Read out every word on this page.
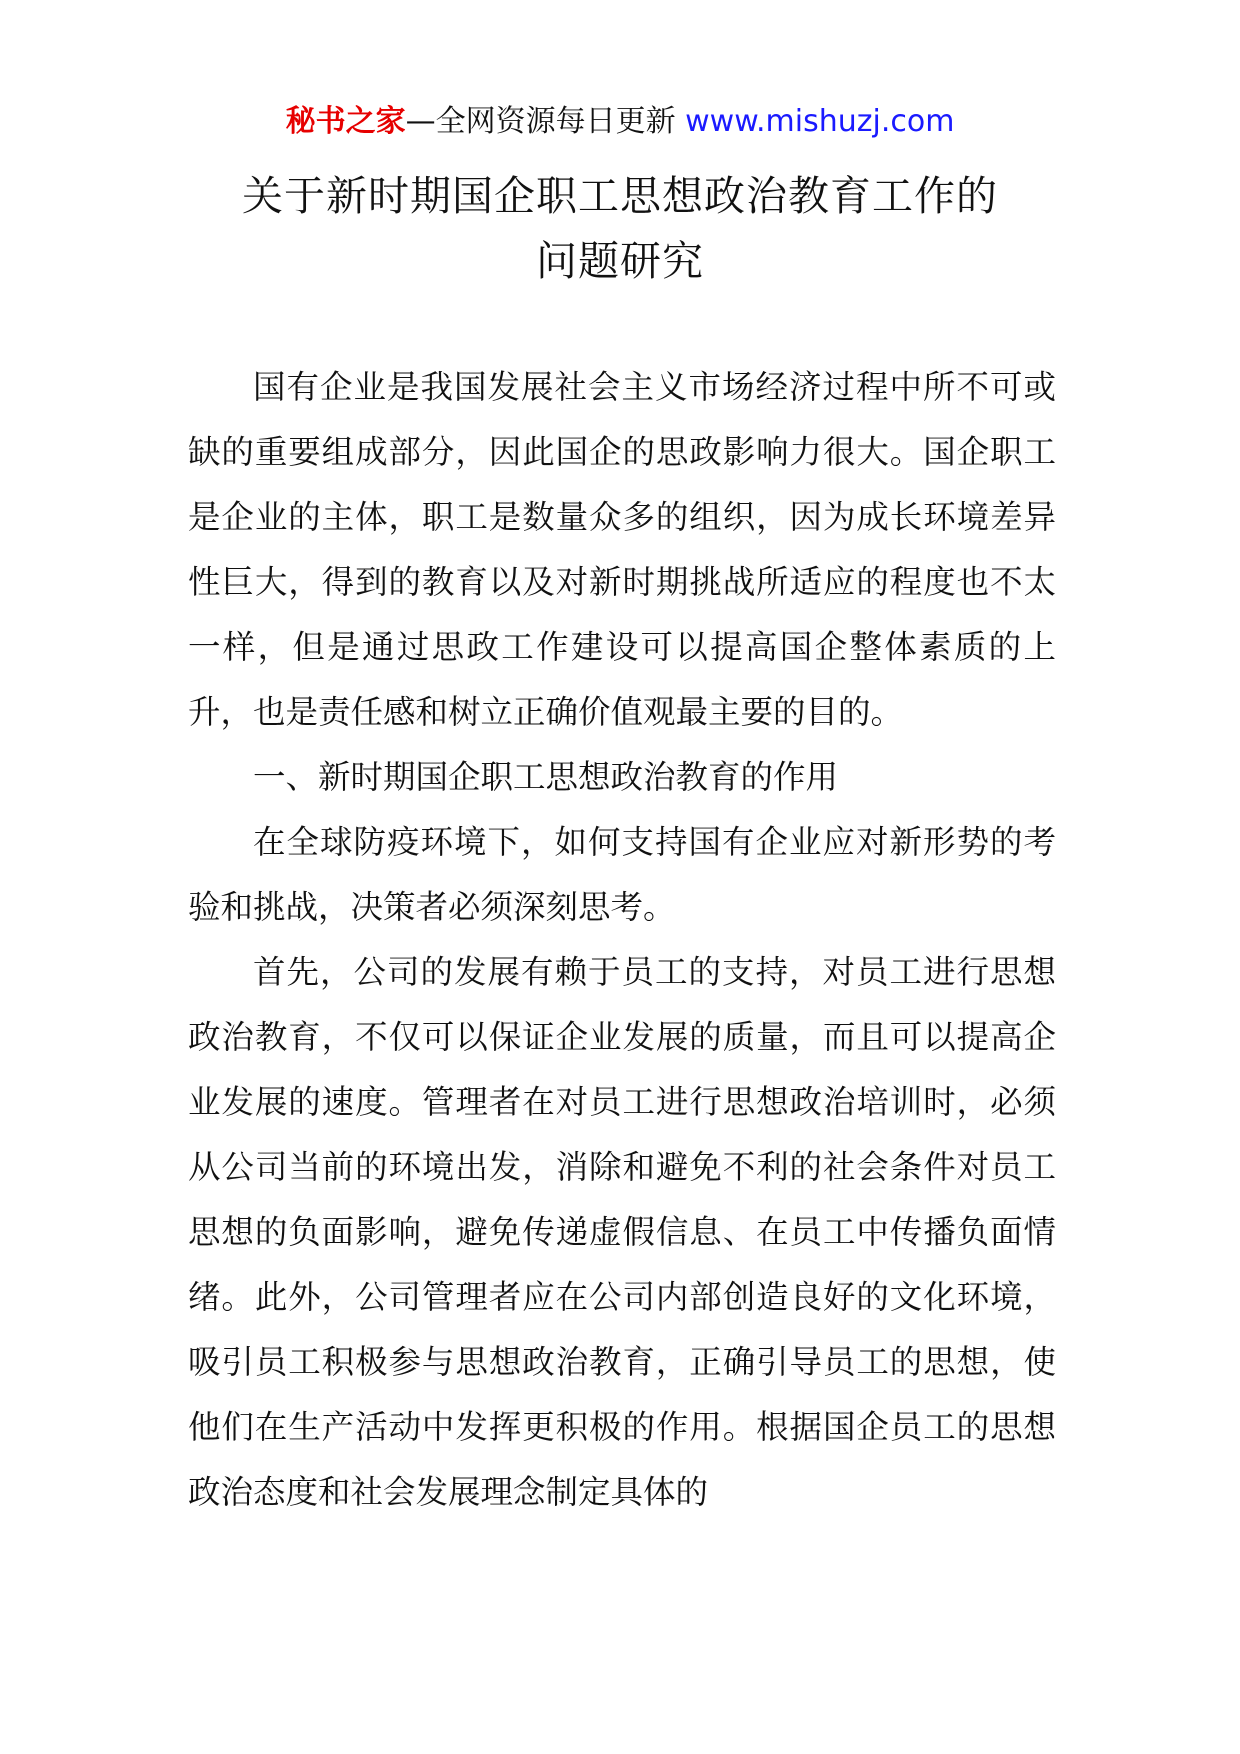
秘书之家—全网资源每日更新 www.mishuzj.com
关于新时期国企职工思想政治教育工作的
问题研究

国有企业是我国发展社会主义市场经济过程中所不可或缺的重要组成部分，因此国企的思政影响力很大。国企职工是企业的主体，职工是数量众多的组织，因为成长环境差异性巨大，得到的教育以及对新时期挑战所适应的程度也不太一样，但是通过思政工作建设可以提高国企整体素质的上升，也是责任感和树立正确价值观最主要的目的。

一、新时期国企职工思想政治教育的作用

在全球防疫环境下，如何支持国有企业应对新形势的考验和挑战，决策者必须深刻思考。

首先，公司的发展有赖于员工的支持，对员工进行思想政治教育，不仅可以保证企业发展的质量，而且可以提高企业发展的速度。管理者在对员工进行思想政治培训时，必须从公司当前的环境出发，消除和避免不利的社会条件对员工思想的负面影响，避免传递虚假信息、在员工中传播负面情绪。此外，公司管理者应在公司内部创造良好的文化环境，吸引员工积极参与思想政治教育，正确引导员工的思想，使他们在生产活动中发挥更积极的作用。根据国企员工的思想政治态度和社会发展理念制定具体的
